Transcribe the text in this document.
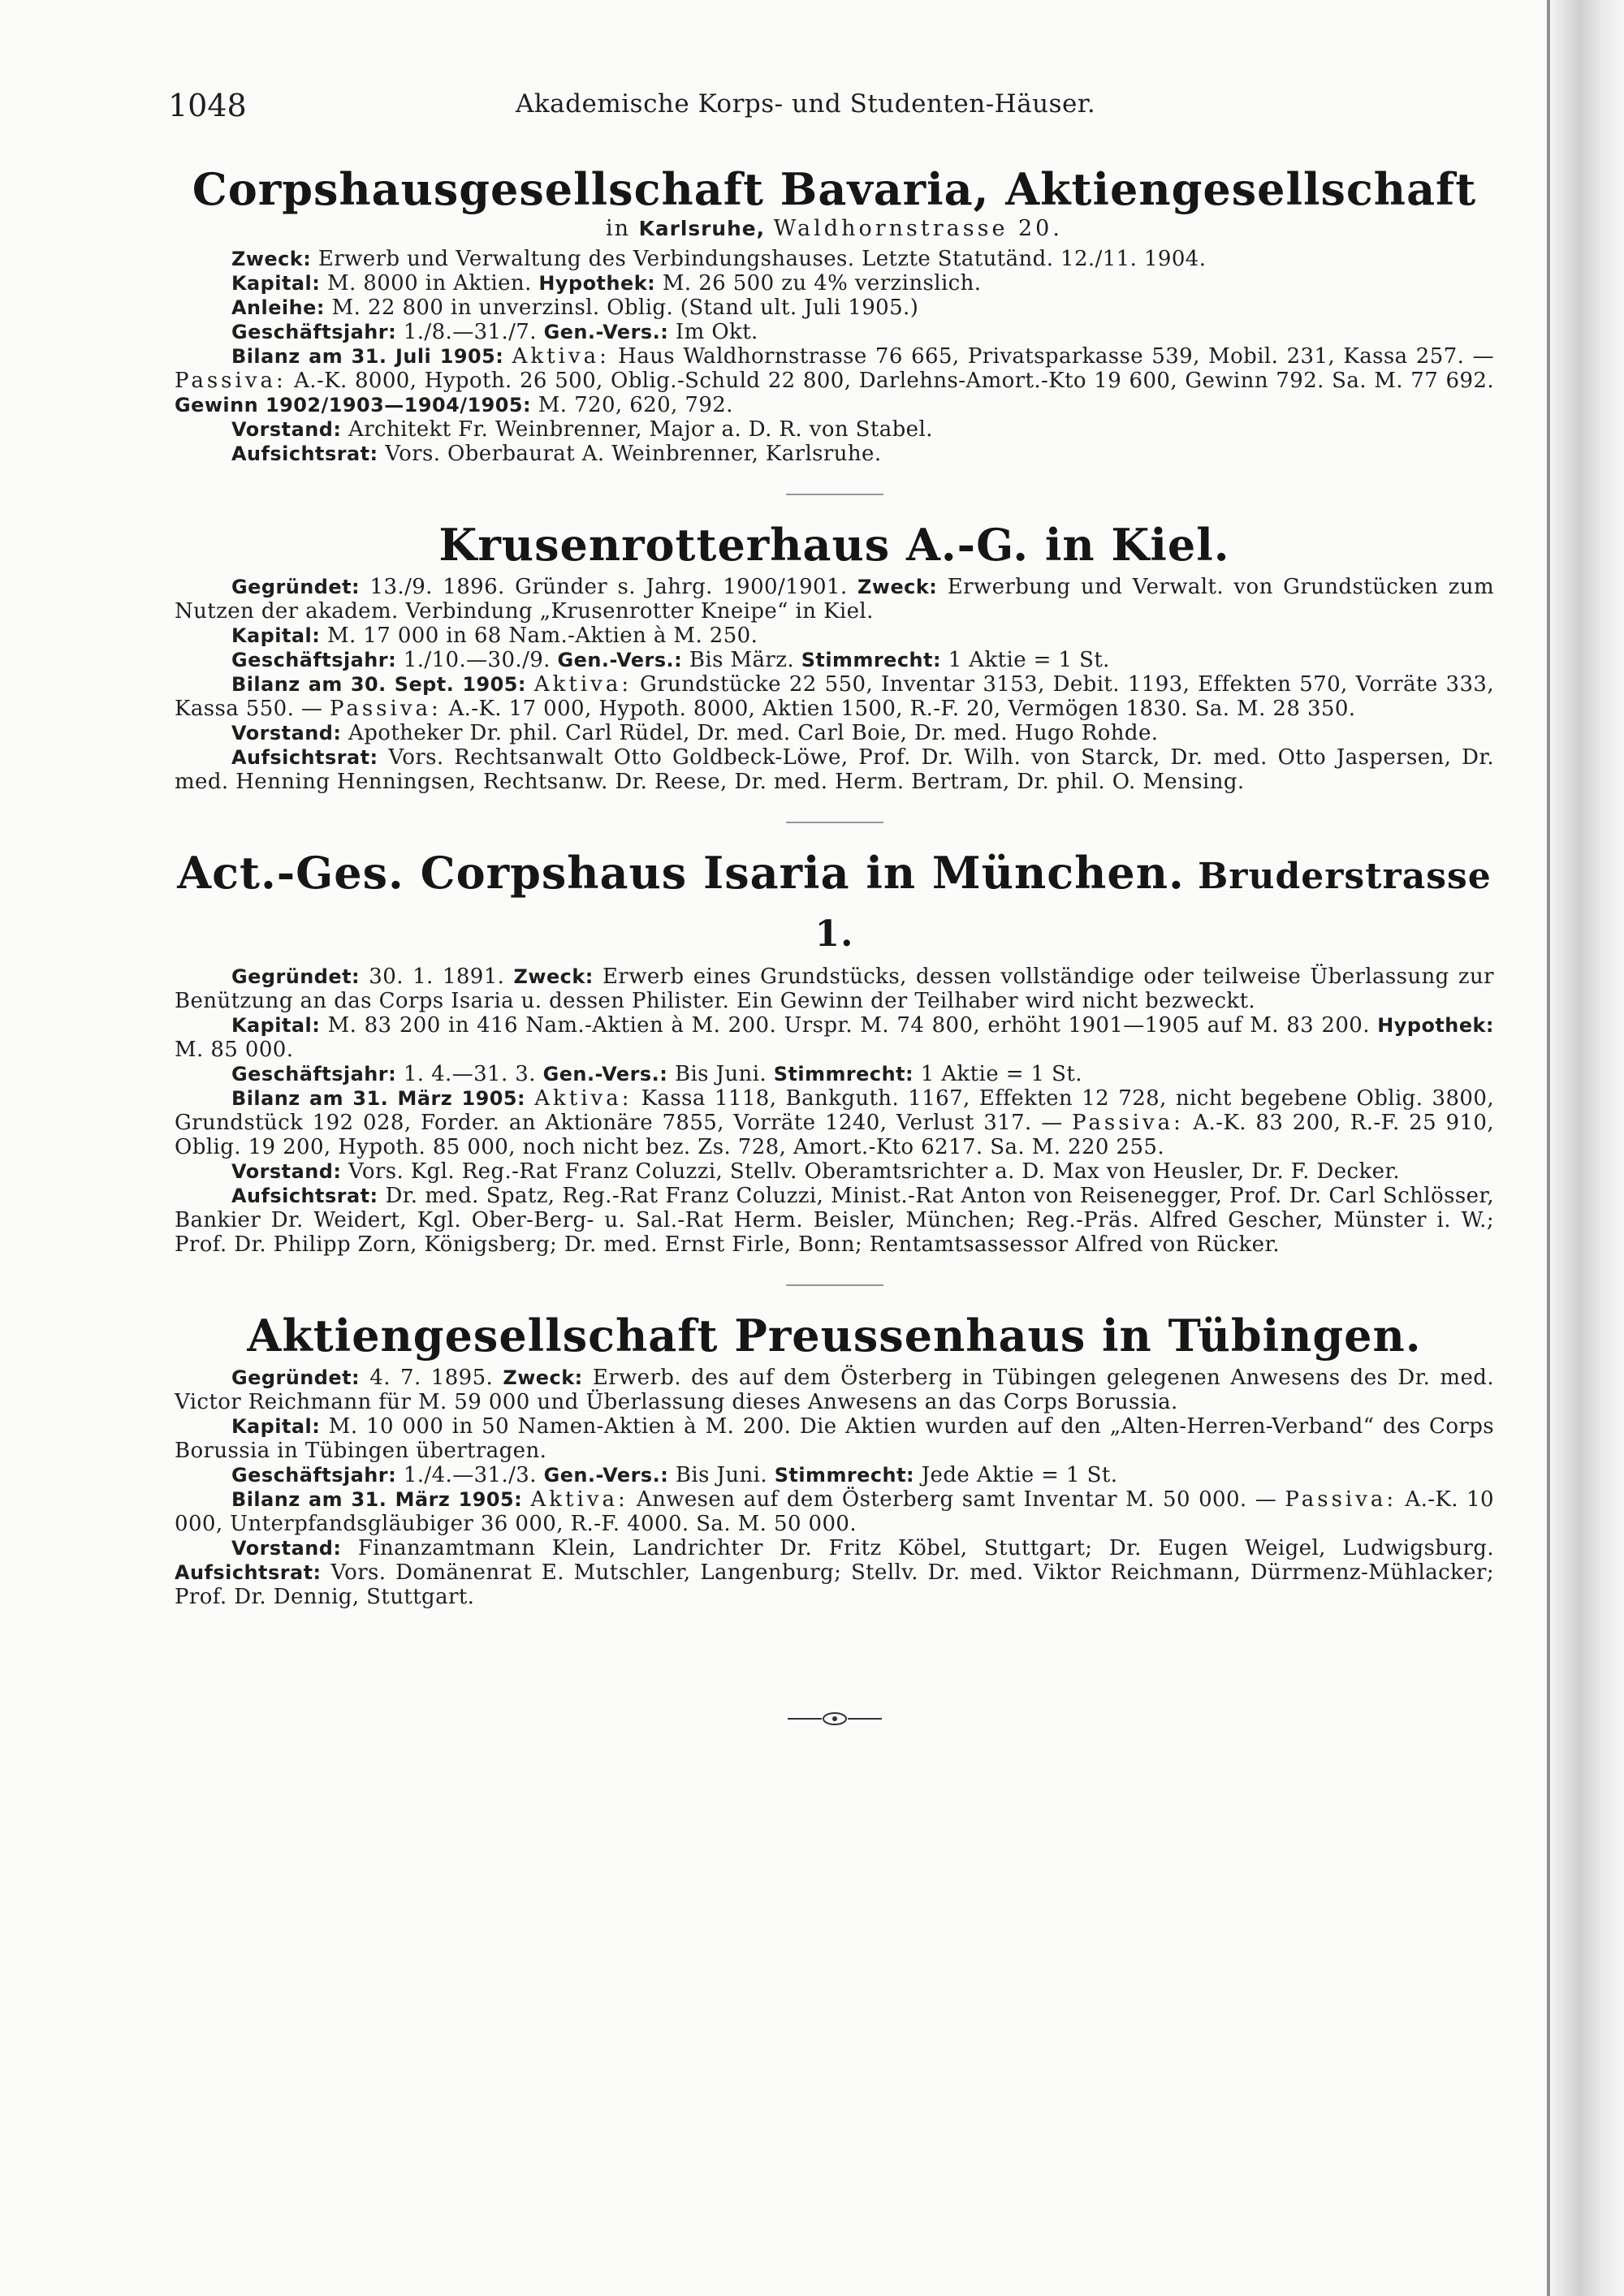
1048	Akademische Korps- und Studenten-Häuser.
Corpshausgesellschaft Bavaria, Aktiengesellschaft
in Karlsruhe, Waldhornstrasse 20.

Zweck: Erwerb und Verwaltung des Verbindungshauses. Letzte Statutänd. 12./11. 1904.

Kapital: M. 8000 in Aktien. Hypothek: M. 26 500 zu 4% verzinslich.

Anleihe: M. 22 800 in unverzinsl. Oblig. (Stand ult. Juli 1905.)

Geschäftsjahr: 1./8.—31./7. Gen.-Vers.: Im Okt.

Bilanz am 31. Juli 1905: Aktiva: Haus Waldhornstrasse 76 665, Privatsparkasse 539, Mobil. 231, Kassa 257. — Passiva: A.-K. 8000, Hypoth. 26 500, Oblig.-Schuld 22 800, Darlehns-Amort.-Kto 19 600, Gewinn 792. Sa. M. 77 692. Gewinn 1902/1903—1904/1905: M. 720, 620, 792.

Vorstand: Architekt Fr. Weinbrenner, Major a. D. R. von Stabel.

Aufsichtsrat: Vors. Oberbaurat A. Weinbrenner, Karlsruhe.

Krusenrotterhaus A.-G. in Kiel.

Gegründet: 13./9. 1896. Gründer s. Jahrg. 1900/1901. Zweck: Erwerbung und Verwalt. von Grundstücken zum Nutzen der akadem. Verbindung „Krusenrotter Kneipe“ in Kiel.

Kapital: M. 17 000 in 68 Nam.-Aktien à M. 250.

Geschäftsjahr: 1./10.—30./9. Gen.-Vers.: Bis März. Stimmrecht: 1 Aktie = 1 St.

Bilanz am 30. Sept. 1905: Aktiva: Grundstücke 22 550, Inventar 3153, Debit. 1193, Effekten 570, Vorräte 333, Kassa 550. — Passiva: A.-K. 17 000, Hypoth. 8000, Aktien 1500, R.-F. 20, Vermögen 1830. Sa. M. 28 350.

Vorstand: Apotheker Dr. phil. Carl Rüdel, Dr. med. Carl Boie, Dr. med. Hugo Rohde.

Aufsichtsrat: Vors. Rechtsanwalt Otto Goldbeck-Löwe, Prof. Dr. Wilh. von Starck, Dr. med. Otto Jaspersen, Dr. med. Henning Henningsen, Rechtsanw. Dr. Reese, Dr. med. Herm. Bertram, Dr. phil. O. Mensing.

Act.-Ges. Corpshaus Isaria in München. Bruderstrasse 1.

Gegründet: 30. 1. 1891. Zweck: Erwerb eines Grundstücks, dessen vollständige oder teilweise Überlassung zur Benützung an das Corps Isaria u. dessen Philister. Ein Gewinn der Teilhaber wird nicht bezweckt.

Kapital: M. 83 200 in 416 Nam.-Aktien à M. 200. Urspr. M. 74 800, erhöht 1901—1905 auf M. 83 200. Hypothek: M. 85 000.

Geschäftsjahr: 1. 4.—31. 3. Gen.-Vers.: Bis Juni. Stimmrecht: 1 Aktie = 1 St.

Bilanz am 31. März 1905: Aktiva: Kassa 1118, Bankguth. 1167, Effekten 12 728, nicht begebene Oblig. 3800, Grundstück 192 028, Forder. an Aktionäre 7855, Vorräte 1240, Verlust 317. — Passiva: A.-K. 83 200, R.-F. 25 910, Oblig. 19 200, Hypoth. 85 000, noch nicht bez. Zs. 728, Amort.-Kto 6217. Sa. M. 220 255.

Vorstand: Vors. Kgl. Reg.-Rat Franz Coluzzi, Stellv. Oberamtsrichter a. D. Max von Heusler, Dr. F. Decker.

Aufsichtsrat: Dr. med. Spatz, Reg.-Rat Franz Coluzzi, Minist.-Rat Anton von Reisenegger, Prof. Dr. Carl Schlösser, Bankier Dr. Weidert, Kgl. Ober-Berg- u. Sal.-Rat Herm. Beisler, München; Reg.-Präs. Alfred Gescher, Münster i. W.; Prof. Dr. Philipp Zorn, Königsberg; Dr. med. Ernst Firle, Bonn; Rentamtsassessor Alfred von Rücker.

Aktiengesellschaft Preussenhaus in Tübingen.

Gegründet: 4. 7. 1895. Zweck: Erwerb. des auf dem Österberg in Tübingen gelegenen Anwesens des Dr. med. Victor Reichmann für M. 59 000 und Überlassung dieses Anwesens an das Corps Borussia.

Kapital: M. 10 000 in 50 Namen-Aktien à M. 200. Die Aktien wurden auf den „Alten-Herren-Verband“ des Corps Borussia in Tübingen übertragen.

Geschäftsjahr: 1./4.—31./3. Gen.-Vers.: Bis Juni. Stimmrecht: Jede Aktie = 1 St.

Bilanz am 31. März 1905: Aktiva: Anwesen auf dem Österberg samt Inventar M. 50 000. — Passiva: A.-K. 10 000, Unterpfandsgläubiger 36 000, R.-F. 4000. Sa. M. 50 000.

Vorstand: Finanzamtmann Klein, Landrichter Dr. Fritz Köbel, Stuttgart; Dr. Eugen Weigel, Ludwigsburg. Aufsichtsrat: Vors. Domänenrat E. Mutschler, Langenburg; Stellv. Dr. med. Viktor Reichmann, Dürrmenz-Mühlacker; Prof. Dr. Dennig, Stuttgart.
